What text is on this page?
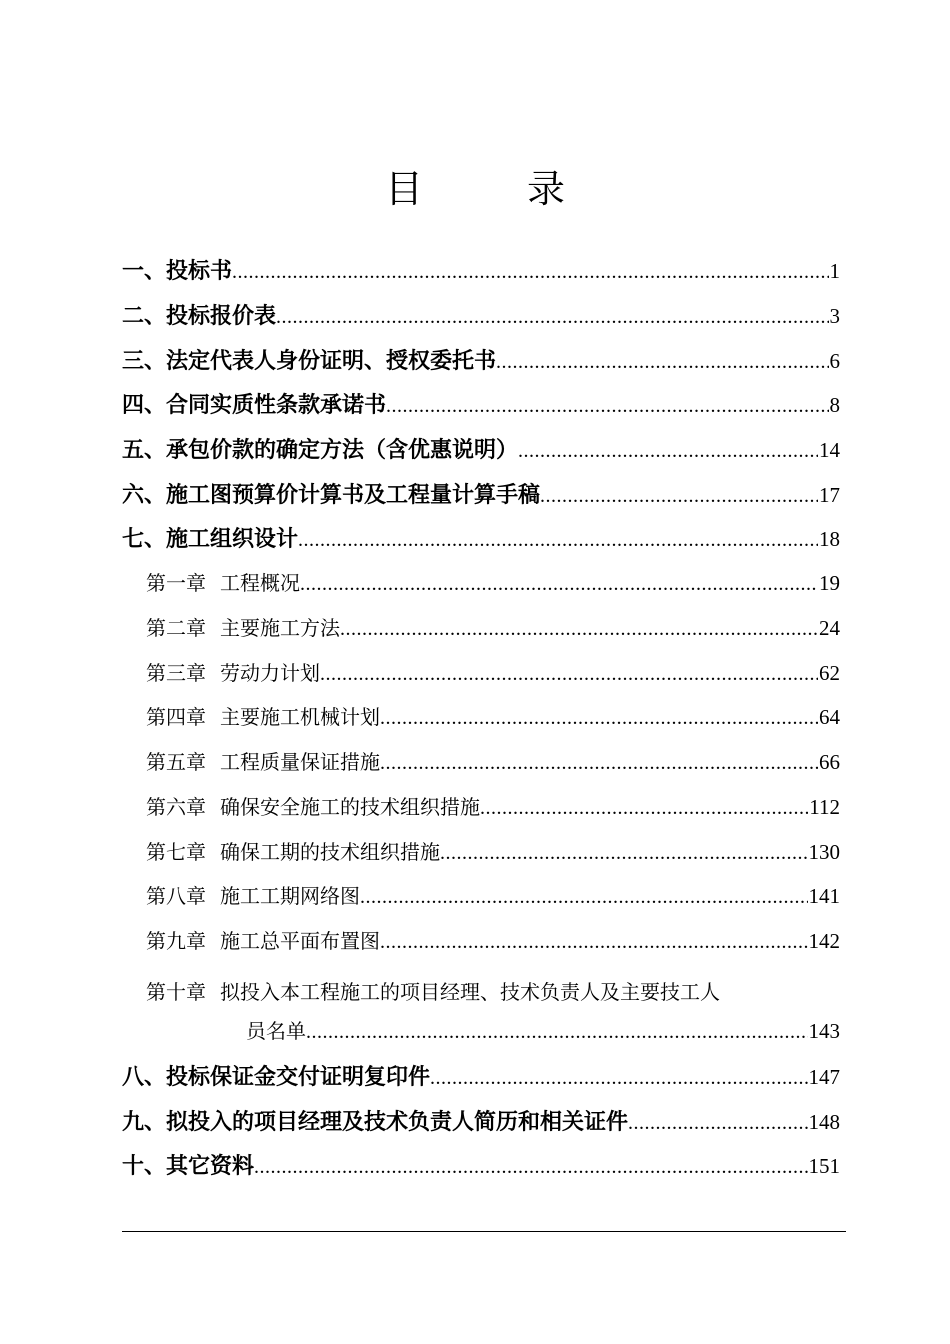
目 录
一、投标书 .....	1
二、投标报价表 .....	3
三、法定代表人身份证明、授权委托书 .....	6
四、合同实质性条款承诺书 .....	8
五、承包价款的确定方法（含优惠说明） .....	14
六、施工图预算价计算书及工程量计算手稿 .....	17
七、施工组织设计 .....	18
第一章 工程概况 .....	19
第二章 主要施工方法 .....	24
第三章 劳动力计划 .....	62
第四章 主要施工机械计划 .....	64
第五章 工程质量保证措施 .....	66
第六章 确保安全施工的技术组织措施 .....	112
第七章 确保工期的技术组织措施 .....	130
第八章 施工工期网络图 .....	141
第九章 施工总平面布置图 .....	142
第十章 拟投入本工程施工的项目经理、技术负责人及主要技工人
员名单 .....	143
八、投标保证金交付证明复印件 .....	147
九、拟投入的项目经理及技术负责人简历和相关证件 .....	148
十、其它资料 .....	151
